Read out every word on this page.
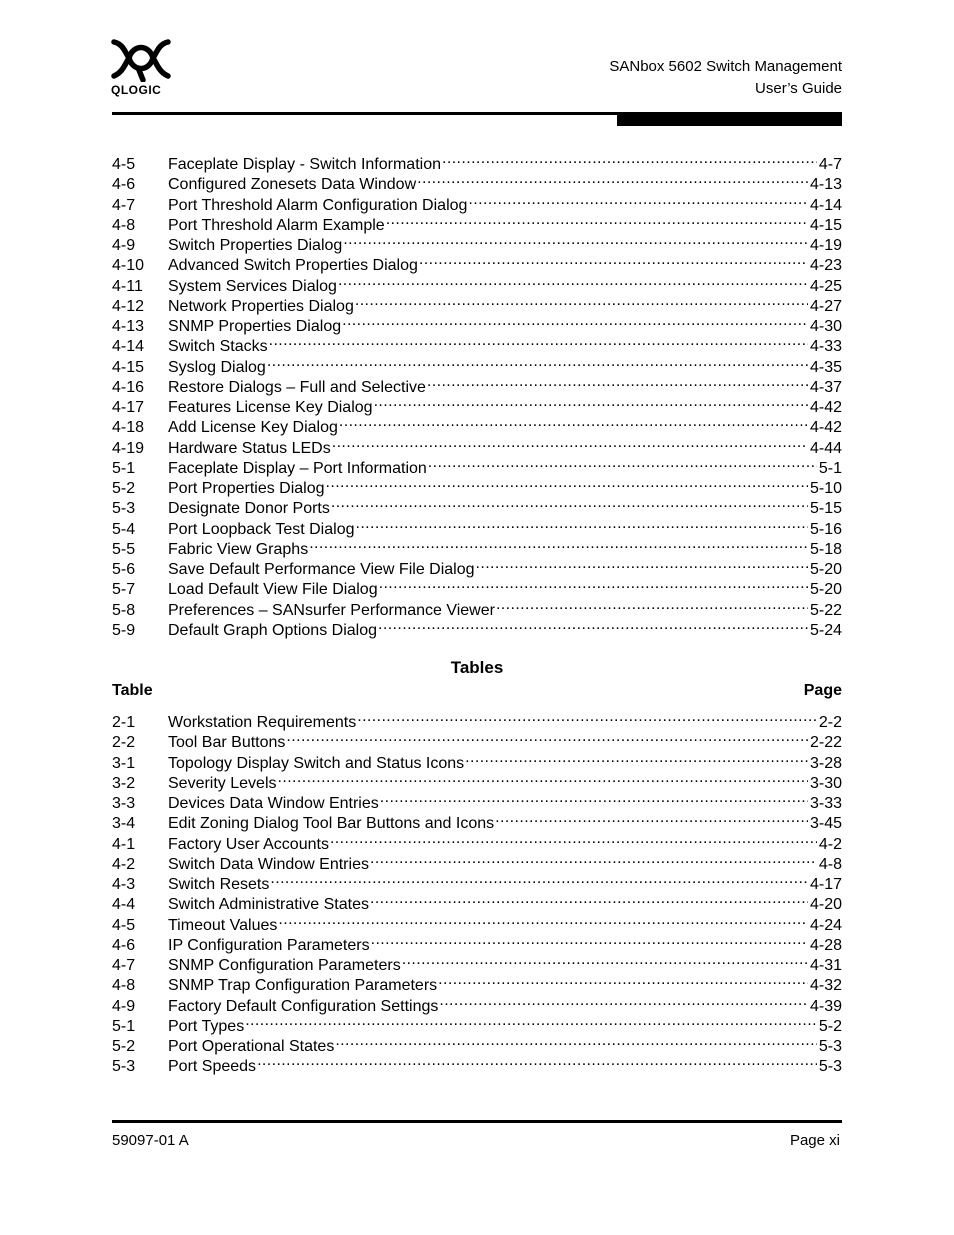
QLOGIC
SANbox 5602 Switch Management
User’s Guide
4-5	Faceplate Display - Switch Information .....	4-7
4-6	Configured Zonesets Data Window .....	4-13
4-7	Port Threshold Alarm Configuration Dialog .....	4-14
4-8	Port Threshold Alarm Example .....	4-15
4-9	Switch Properties Dialog .....	4-19
4-10	Advanced Switch Properties Dialog .....	4-23
4-11	System Services Dialog .....	4-25
4-12	Network Properties Dialog .....	4-27
4-13	SNMP Properties Dialog .....	4-30
4-14	Switch Stacks .....	4-33
4-15	Syslog Dialog .....	4-35
4-16	Restore Dialogs – Full and Selective .....	4-37
4-17	Features License Key Dialog .....	4-42
4-18	Add License Key Dialog .....	4-42
4-19	Hardware Status LEDs .....	4-44
5-1	Faceplate Display – Port Information .....	5-1
5-2	Port Properties Dialog .....	5-10
5-3	Designate Donor Ports .....	5-15
5-4	Port Loopback Test Dialog .....	5-16
5-5	Fabric View Graphs .....	5-18
5-6	Save Default Performance View File Dialog .....	5-20
5-7	Load Default View File Dialog .....	5-20
5-8	Preferences – SANsurfer Performance Viewer .....	5-22
5-9	Default Graph Options Dialog .....	5-24
Tables
Table	Page
2-1	Workstation Requirements .....	2-2
2-2	Tool Bar Buttons .....	2-22
3-1	Topology Display Switch and Status Icons .....	3-28
3-2	Severity Levels .....	3-30
3-3	Devices Data Window Entries .....	3-33
3-4	Edit Zoning Dialog Tool Bar Buttons and Icons .....	3-45
4-1	Factory User Accounts .....	4-2
4-2	Switch Data Window Entries .....	4-8
4-3	Switch Resets .....	4-17
4-4	Switch Administrative States .....	4-20
4-5	Timeout Values .....	4-24
4-6	IP Configuration Parameters .....	4-28
4-7	SNMP Configuration Parameters .....	4-31
4-8	SNMP Trap Configuration Parameters .....	4-32
4-9	Factory Default Configuration Settings .....	4-39
5-1	Port Types .....	5-2
5-2	Port Operational States .....	5-3
5-3	Port Speeds .....	5-3
59097-01 A	Page xi
